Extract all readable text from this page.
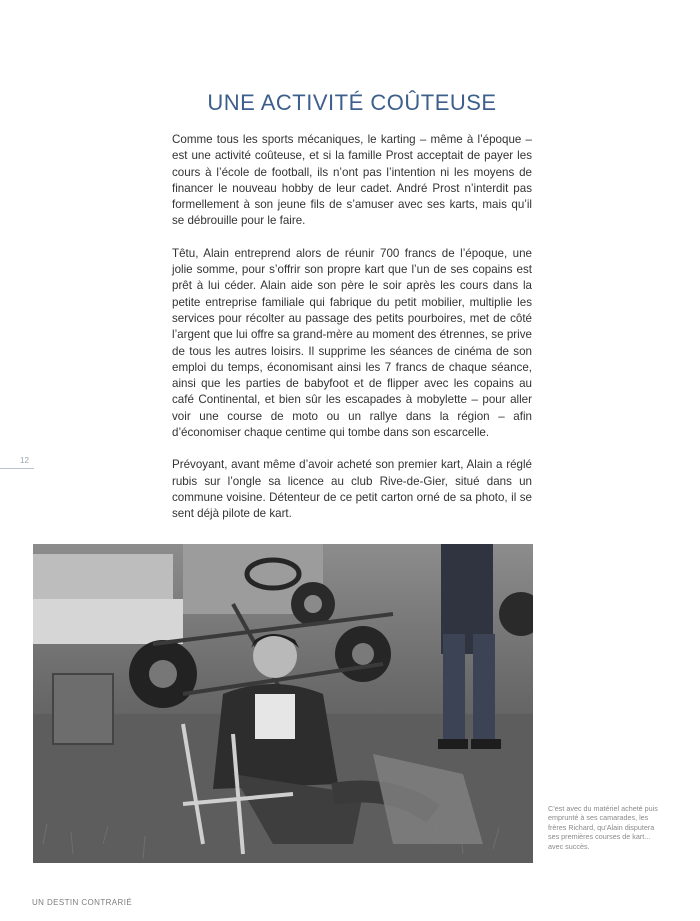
UNE ACTIVITÉ COÛTEUSE

Comme tous les sports mécaniques, le karting – même à l’époque – est une activité coûteuse, et si la famille Prost acceptait de payer les cours à l’école de football, ils n’ont pas l’intention ni les moyens de financer le nouveau hobby de leur cadet. André Prost n’interdit pas formellement à son jeune fils de s’amuser avec ses karts, mais qu’il se débrouille pour le faire.

Têtu, Alain entreprend alors de réunir 700 francs de l’époque, une jolie somme, pour s’offrir son propre kart que l’un de ses copains est prêt à lui céder. Alain aide son père le soir après les cours dans la petite entreprise familiale qui fabrique du petit mobilier, multiplie les services pour récolter au passage des petits pourboires, met de côté l’argent que lui offre sa grand-mère au moment des étrennes, se prive de tous les autres loisirs. Il supprime les séances de cinéma de son emploi du temps, économisant ainsi les 7 francs de chaque séance, ainsi que les parties de babyfoot et de flipper avec les copains au café Continental, et bien sûr les escapades à mobylette – pour aller voir une course de moto ou un rallye dans la région – afin d’économiser chaque centime qui tombe dans son escarcelle.

Prévoyant, avant même d’avoir acheté son premier kart, Alain a réglé rubis sur l’ongle sa licence au club Rive-de-Gier, situé dans un commune voisine. Détenteur de ce petit carton orné de sa photo, il se sent déjà pilote de kart.

12
C’est avec du matériel acheté puis emprunté à ses camarades, les frères Richard, qu’Alain disputera ses premières courses de kart... avec succès.
UN DESTIN CONTRARIÉ
